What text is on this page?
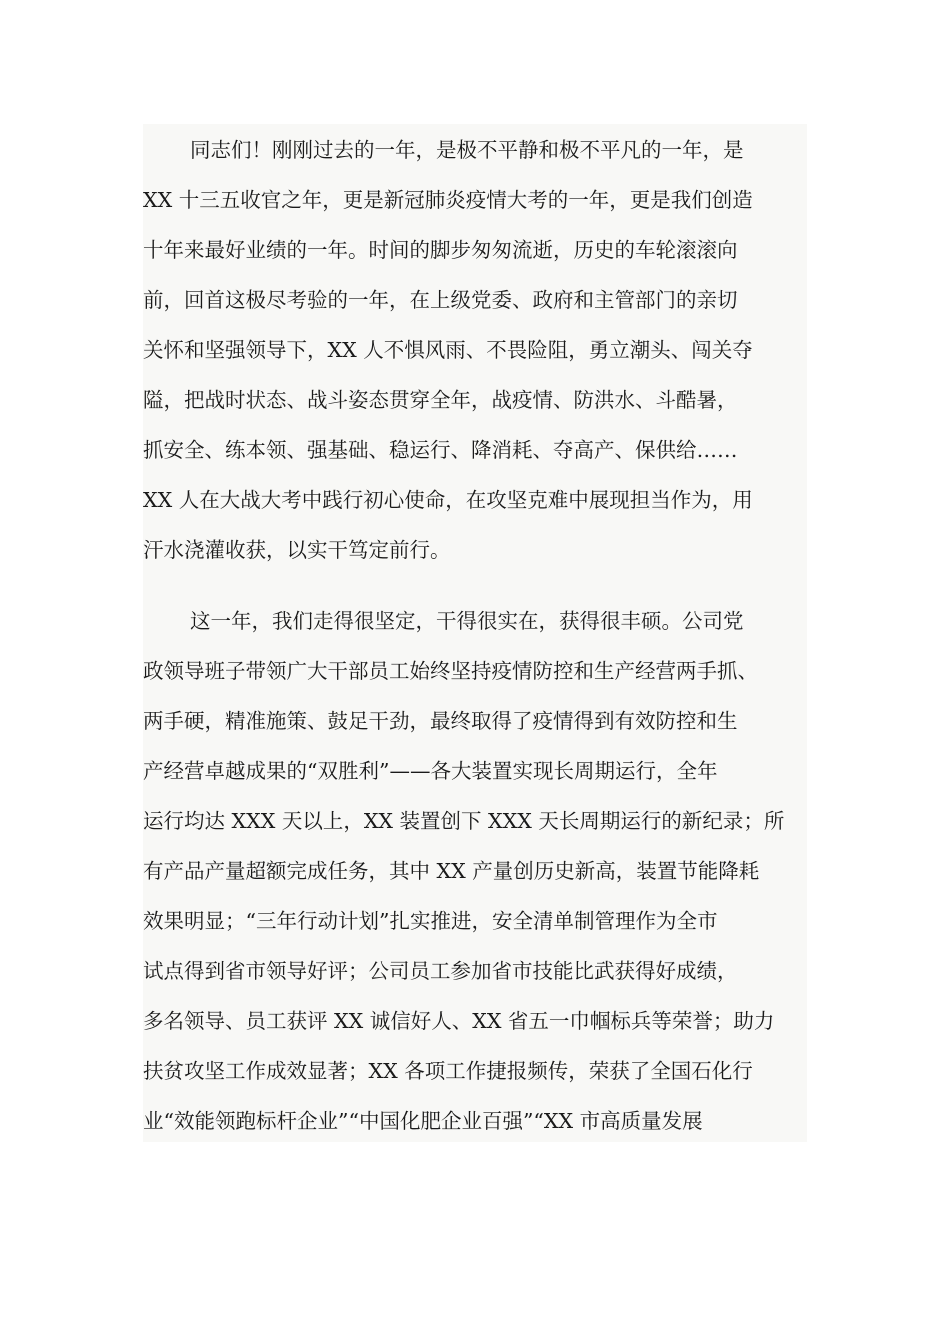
同志们！刚刚过去的一年，是极不平静和极不平凡的一年，是
XX 十三五收官之年，更是新冠肺炎疫情大考的一年，更是我们创造
十年来最好业绩的一年。时间的脚步匆匆流逝，历史的车轮滚滚向
前，回首这极尽考验的一年，在上级党委、政府和主管部门的亲切
关怀和坚强领导下，XX 人不惧风雨、不畏险阻，勇立潮头、闯关夺
隘，把战时状态、战斗姿态贯穿全年，战疫情、防洪水、斗酷暑，
抓安全、练本领、强基础、稳运行、降消耗、夺高产、保供给……
XX 人在大战大考中践行初心使命，在攻坚克难中展现担当作为，用
汗水浇灌收获，以实干笃定前行。
这一年，我们走得很坚定，干得很实在，获得很丰硕。公司党
政领导班子带领广大干部员工始终坚持疫情防控和生产经营两手抓、
两手硬，精准施策、鼓足干劲，最终取得了疫情得到有效防控和生
产经营卓越成果的“双胜利”——各大装置实现长周期运行，全年
运行均达 XXX 天以上，XX 装置创下 XXX 天长周期运行的新纪录；所
有产品产量超额完成任务，其中 XX 产量创历史新高，装置节能降耗
效果明显；“三年行动计划”扎实推进，安全清单制管理作为全市
试点得到省市领导好评；公司员工参加省市技能比武获得好成绩，
多名领导、员工获评 XX 诚信好人、XX 省五一巾帼标兵等荣誉；助力
扶贫攻坚工作成效显著；XX 各项工作捷报频传，荣获了全国石化行
业“效能领跑标杆企业”“中国化肥企业百强”“XX 市高质量发展
